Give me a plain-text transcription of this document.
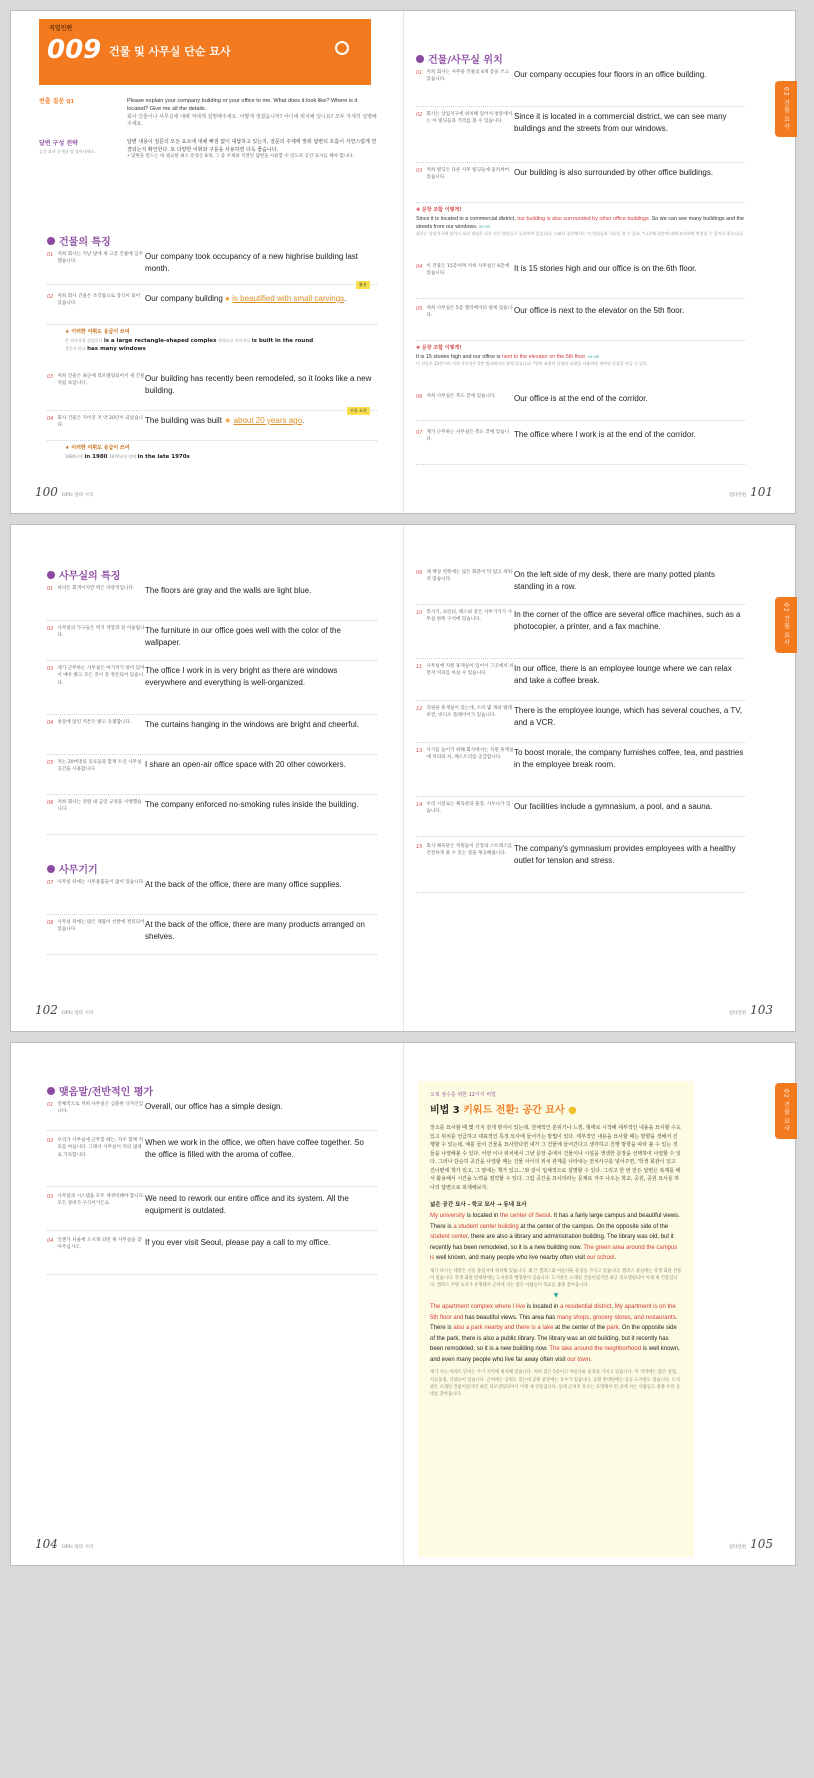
직업인편
009 건물 및 사무실 단순 묘사
빈출 질문 Q1	Please explain your company building or your office to me. What does it look like? Where is it located? Give me all the details.
회사 건물이나 사무실에 대해 저에게 설명해주세요. 어떻게 생겼습니까? 어디에 위치해 있나요? 모두 자세히 설명해주세요.
답변 구성 전략
공간 묘사 문제를 잘 풀어내세요.
답변 내용이 질문의 모든 요소에 대해 빠짐 없이 대답하고 있는지, 질문의 주제에 맞춰 답변의 흐름이 자연스럽게 연결되는지 확인한다. 또 다양한 어휘와 구문을 사용하면 더욱 좋습니다.
• 답변을 만드는 데 필요한 최소 문장은 8개, 그 중 주제와 직결된 답변을 사용할 수 있도록 공간 묘사를 해야 합니다.
건물의 특징
01 저희 회사는 지난 달에 새 고층 건물에 입주했습니다.
Our company took occupancy of a new highrise building last month.
활용
02 저희 회사 건물은 조각품으로 장식이 되어 있습니다.
Our company building ● is beautified with small carvings.
★ 이러한 어휘도 응급이 쓰여
큰 직사각형 건물이다 is a large rectangle-shaped complex 원형으로 지어지다 is built in the round
창문이 많다 has many windows
03 저희 건물은 최근에 리모델링되어서 새 건물처럼 보입니다.
Our building has recently been remodeled, so it looks like a new building.
연합 표현
04 회사 건물은 지어진 지 약 20년이 되었습니다.
The building was built ★ about 20 years ago.
★ 이러한 어휘도 응급이 쓰여
1980년에 in 1980 1970년대 말에 in the late 1970s
100 OPIc 일타 시리
02 건물 묘사
건물/사무실 위치
01 저희 회사는 사무용 건물의 4개 층을 쓰고 있습니다.
Our company occupies four floors in an office building.
02 회사는 상업지구에 위치해 있어서 창문에서는 이 빌딩들과 거리를 볼 수 있습니다.
Since it is located in a commercial district, we can see many buildings and the streets from our windows.
03 저희 빌딩은 다른 사무 빌딩들에 둘러싸여 있습니다.
Our building is also surrounded by other office buildings.
✚ 문장 조합 이렇게!
Since it is located in a commercial district, our building is also surrounded by other office buildings. So we can see many buildings and the streets from our windows. 02+03
회사는 상업지구에 있어서 회사 빌딩은 다른 사무 빌딩들로 둘러싸여 있습니다. 그래서 창문에서는 이 빌딩들과 거리를 볼 수 있죠. *나중에 위층에 대해 묘사하면 연결할 수 있어서 좋습니다.
04 이 건물은 15층이며 저희 사무실은 6층에 있습니다.
It is 15 stories high and our office is on the 6th floor.
05 저희 사무실은 5층 엘리베이터 옆에 있습니다.
Our office is next to the elevator on the 5th floor.
✚ 문장 조합 이렇게!
It is 15 stories high and our office is next to the elevator on the 5th floor. 04+05
이 건물은 15층이며 저희 사무실은 5층 엘리베이터 옆에 있습니다. *위치 표현의 다양한 표현을 사용하면 세련된 문장을 만들 수 있다.
06 저희 사무실은 복도 끝에 있습니다. Our office is at the end of the corridor.
07 제가 근무하는 사무실은 복도 끝에 있습니다.
The office where I work is at the end of the corridor.
일타인편 101
사무실의 특징
01 바닥은 회색이지만 벽은 파란색입니다. The floors are gray and the walls are light blue.
02 사무실의 가구들은 벽지 색깔과 잘 어울립니다.
The furniture in our office goes well with the color of the wallpaper.
03 제가 근무하는 사무실은 여기저기 창이 있어서 매우 밝고 모든 것이 잘 정돈되어 있습니다.
The office I work in is very bright as there are windows everywhere and everything is well-organized.
04 창문에 달린 커튼은 밝고 유쾌합니다. The curtains hanging in the windows are bright and cheerful.
05 저는 20여명의 동료들과 함께 트인 사무실 공간을 사용합니다.
I share an open-air office space with 20 other coworkers.
06 저희 회사는 전원 내 금연 규정을 시행했습니다.
The company enforced no-smoking rules inside the building.
사무기기
07 사무실 뒤에는 사무용품들이 많이 있습니다. At the back of the office, there are many office supplies.
08 사무실 뒤에는 많은 제품이 선반에 정리되어 있습니다.
At the back of the office, there are many products arranged on shelves.
102 OPIc 일타 시리
02 건물 묘사
09 제 책상 왼쪽에는 많은 화분이 탁 탑고 세워져 있습니다.
On the left side of my desk, there are many potted plants standing in a row.
10 복사기, 프린터, 팩스와 같은 사무기기가 사무실 한쪽 구석에 있습니다.
In the corner of the office are several office machines, such as a photocopier, a printer, and a fax machine.
11 사무실에 직원 휴게실이 있어서 그곳에서 쉬면서 커피를 마실 수 있습니다.
In our office, there is an employee lounge where we can relax and take a coffee break.
12 직원용 휴게실이 있는데, 소파 몇 개와 텔레비전, 비디오 플레이어가 있습니다.
There is the employee lounge, which has several couches, a TV, and a VCR.
13 사기를 높이기 위해 회사에서는 직원 휴게실에 커피와 차, 페스트리를 공급합니다.
To boost morale, the company furnishes coffee, tea, and pastries in the employee break room.
14 우리 시설로는 체육관과 풀장, 사우나가 있습니다.
Our facilities include a gymnasium, a pool, and a sauna.
15 회사 체육관은 직원들이 긴장과 스트레스를 건전하게 풀 수 있는 장을 제공해줍니다.
The company's gymnasium provides employees with a healthy outlet for tension and stress.
일타인편 103
맺음말/전반적인 평가
01 전체적으로 저희 사무실은 심플한 디자인입니다.
Overall, our office has a simple design.
02 우리가 사무실에 근무할 때는, 자주 함께 커피를 마십니다. 그래서 사무실이 커피 냄새로 가득합니다.
When we work in the office, we often have coffee together. So the office is filled with the aroma of coffee.
03 사무실과 시스템을 모두 재정비해야 합니다. 모든 장비가 구식이거든요.
We need to rework our entire office and its system. All the equipment is outdated.
04 언젠가 서울에 오시게 되면 제 사무실을 찾아주십시오.
If you ever visit Seoul, please pay a call to my office.
104 OPIc 일타 시리
02 건물 묘사
오픽 점수를 위한 12가지 비법
비법 3 키워드 전환: 공간 묘사 ●
장소를 묘사할 때 몇 가지 전개 방식이 있는데, 전체적인 분위기나 느낌, 형태로 시작해 세부적인 내용을 묘사할 수도 있고 위치를 언급하고 대표적인 특징 묘사에 들어가는 방법이 있다. 세부적인 내용을 묘사할 때는 방향을 정해서 진행할 수 있는데, 예를 들어 건물을 묘사한다면 내가 그 건물에 들어간다고 생각하고 진행 방향을 따라 볼 수 있는 것들을 나열해볼 수 있다. 어떤 이나 위치에서 그냥 문장 중에서 건물이나 시설을 생생한 문장을 선택하여 나열할 수 있다. 그러나 단순히 공간을 나열할 때는 건물 사이의 위치 관계를 나타내는 전치사구를 넣어주면, '학생 회관이 있고 건너편에 책가 있고, 그 옆에는 책가 있고...'와 같이 입체적으로 설명할 수 있다. 그리고 한 번 만든 답변은 복제를 해서 활용해서 시간을 노력을 절약할 수 있다. 그럼 공간을 묘사하라는 문제로 자주 나오는 학교, 공원, 공원 묘사를 하나의 답변으로 복제해보자.
넓은 공간 묘사 - 학교 묘사 → 동네 묘사
My university is located in the center of Seoul. It has a fairly large campus and beautiful views. There is a student center building at the center of the campus. On the opposite side of the student center, there are also a library and administration building. The library was old, but it recently has been remodeled, so it is a new building now. The green area around the campus is well known, and many people who live nearby often visit our school.
제가 다니는 대학은 서울 중심지에 위치해 있습니다. 꽤 큰 캠퍼스와 아름다운 풍경을 가지고 있습니다. 캠퍼스 중심에는 학생 회관 건물이 있습니다. 학생 회관 반대편에는 도서관과 행정관이 있습니다. 도서관은 오래된 건물이었지만 최근 리모델링되어 이제 새 건물입니다. 캠퍼스 주변 녹지가 유명해서 근처에 사는 많은 사람들이 학교를 종종 찾아옵니다.
▼
The apartment complex where I live is located in a residential district. My apartment is on the 5th floor and has beautiful views. This area has many shops, grocery stores, and restaurants. There is also a park nearby and there is a lake at the center of the park. On the opposite side of the park, there is also a public library. The library was an old building, but it recently has been remodeled, so it is a new building now. The lake around the neighborhood is well known, and even many people who live far away often visit our town.
제가 사는 아파트 단지는 주거 지역에 위치해 있습니다. 저희 집은 5층이고 아름다운 풍경을 가지고 있습니다. 이 지역에는 많은 상점, 식료품점, 식당들이 있습니다. 근처에는 공원도 있는데 공원 중앙에는 호수가 있습니다. 공원 반대편에는 공공 도서관도 있습니다. 도서관은 오래된 건물이었지만 최근 리모델링되어서 이제 새 건물입니다. 동네 근처의 호수는 유명해서 먼 곳에 사는 사람들도 종종 우리 동네를 찾아옵니다.
일타인편 105
